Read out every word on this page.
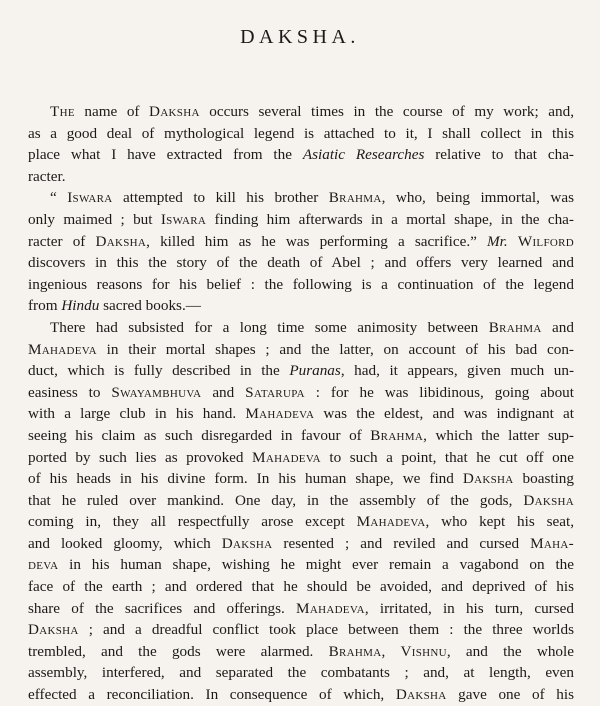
DAKSHA.
The name of Daksha occurs several times in the course of my work; and,
as a good deal of mythological legend is attached to it, I shall collect in this
place what I have extracted from the Asiatic Researches relative to that cha-
racter.
“ Iswara attempted to kill his brother Brahma, who, being immortal, was
only maimed ; but Iswara finding him afterwards in a mortal shape, in the cha-
racter of Daksha, killed him as he was performing a sacrifice.” Mr. Wilford
discovers in this the story of the death of Abel ; and offers very learned and
ingenious reasons for his belief : the following is a continuation of the legend
from Hindu sacred books.—
There had subsisted for a long time some animosity between Brahma and
Mahadeva in their mortal shapes ; and the latter, on account of his bad con-
duct, which is fully described in the Puranas, had, it appears, given much un-
easiness to Swayambhuva and Satarupa : for he was libidinous, going about
with a large club in his hand. Mahadeva was the eldest, and was indignant at
seeing his claim as such disregarded in favour of Brahma, which the latter sup-
ported by such lies as provoked Mahadeva to such a point, that he cut off one
of his heads in his divine form. In his human shape, we find Daksha boasting
that he ruled over mankind. One day, in the assembly of the gods, Daksha
coming in, they all respectfully arose except Mahadeva, who kept his seat,
and looked gloomy, which Daksha resented ; and reviled and cursed Maha-
deva in his human shape, wishing he might ever remain a vagabond on the
face of the earth ; and ordered that he should be avoided, and deprived of his
share of the sacrifices and offerings. Mahadeva, irritated, in his turn, cursed
Daksha ; and a dreadful conflict took place between them : the three worlds
trembled, and the gods were alarmed. Brahma, Vishnu, and the whole
assembly, interfered, and separated the combatants ; and, at length, even
effected a reconciliation. In consequence of which, Daksha gave one of his
